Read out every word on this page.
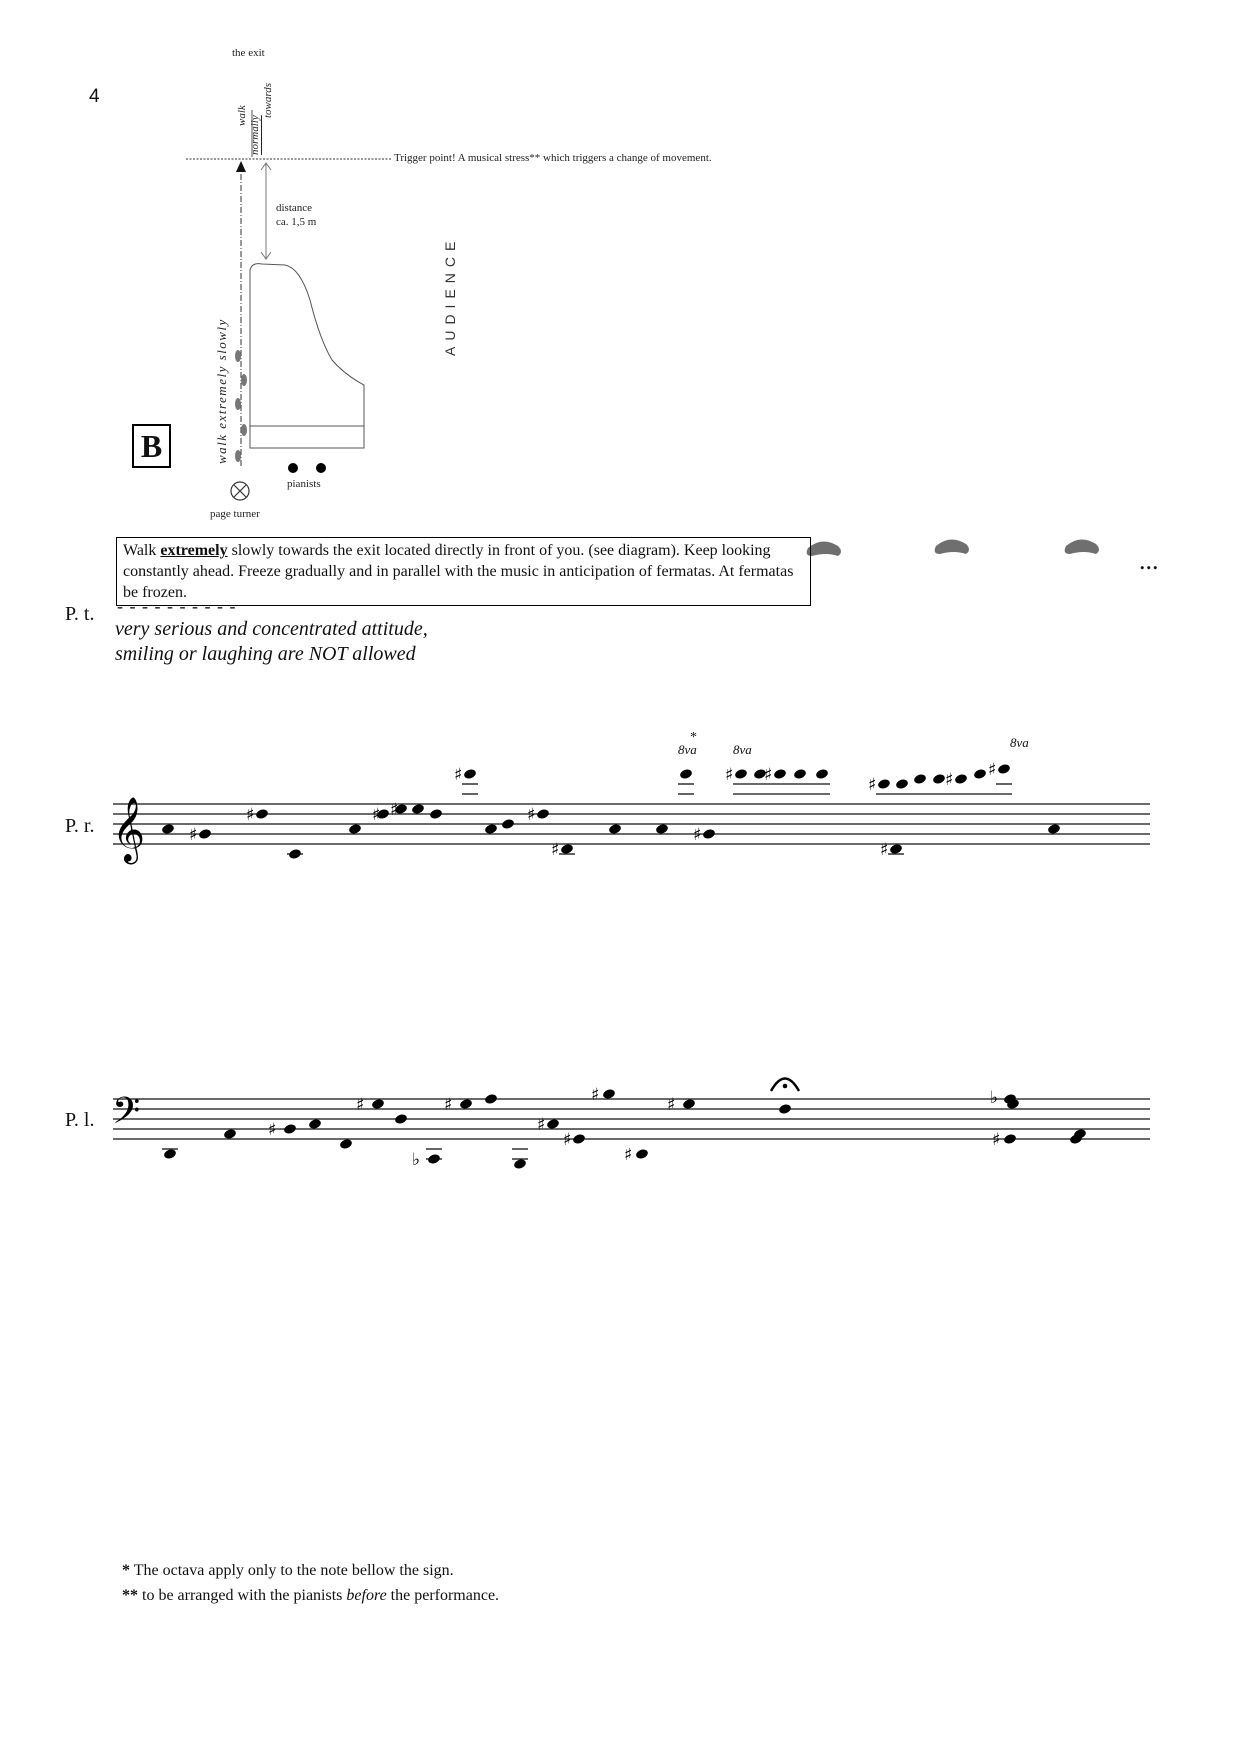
4
the exit
walk normally
towards
Trigger point! A musical stress** which triggers a change of movement.
distance
ca. 1,5 m
AUDIENCE
walk extremely slowly
pianists
page turner
B
Walk extremely slowly towards the exit located directly in front of you. (see diagram). Keep looking constantly ahead. Freeze gradually and in parallel with the music in anticipation of fermatas. At fermatas be frozen.
...
P. t. - - - - - - - - - -
very serious and concentrated attitude,
smiling or laughing are NOT allowed
P. r.
8va
*
8va	8va
𝄞	♯
♯	♯ ♯
♯
♯
♯
♯
♯ ♯	♯
♯
♯ ♯
P. l. 𝄢	♯
♯	♯
♯
♯
♯
♯
♯
♯
♭
♭
* The octava apply only to the note bellow the sign.
** to be arranged with the pianists before the performance.
